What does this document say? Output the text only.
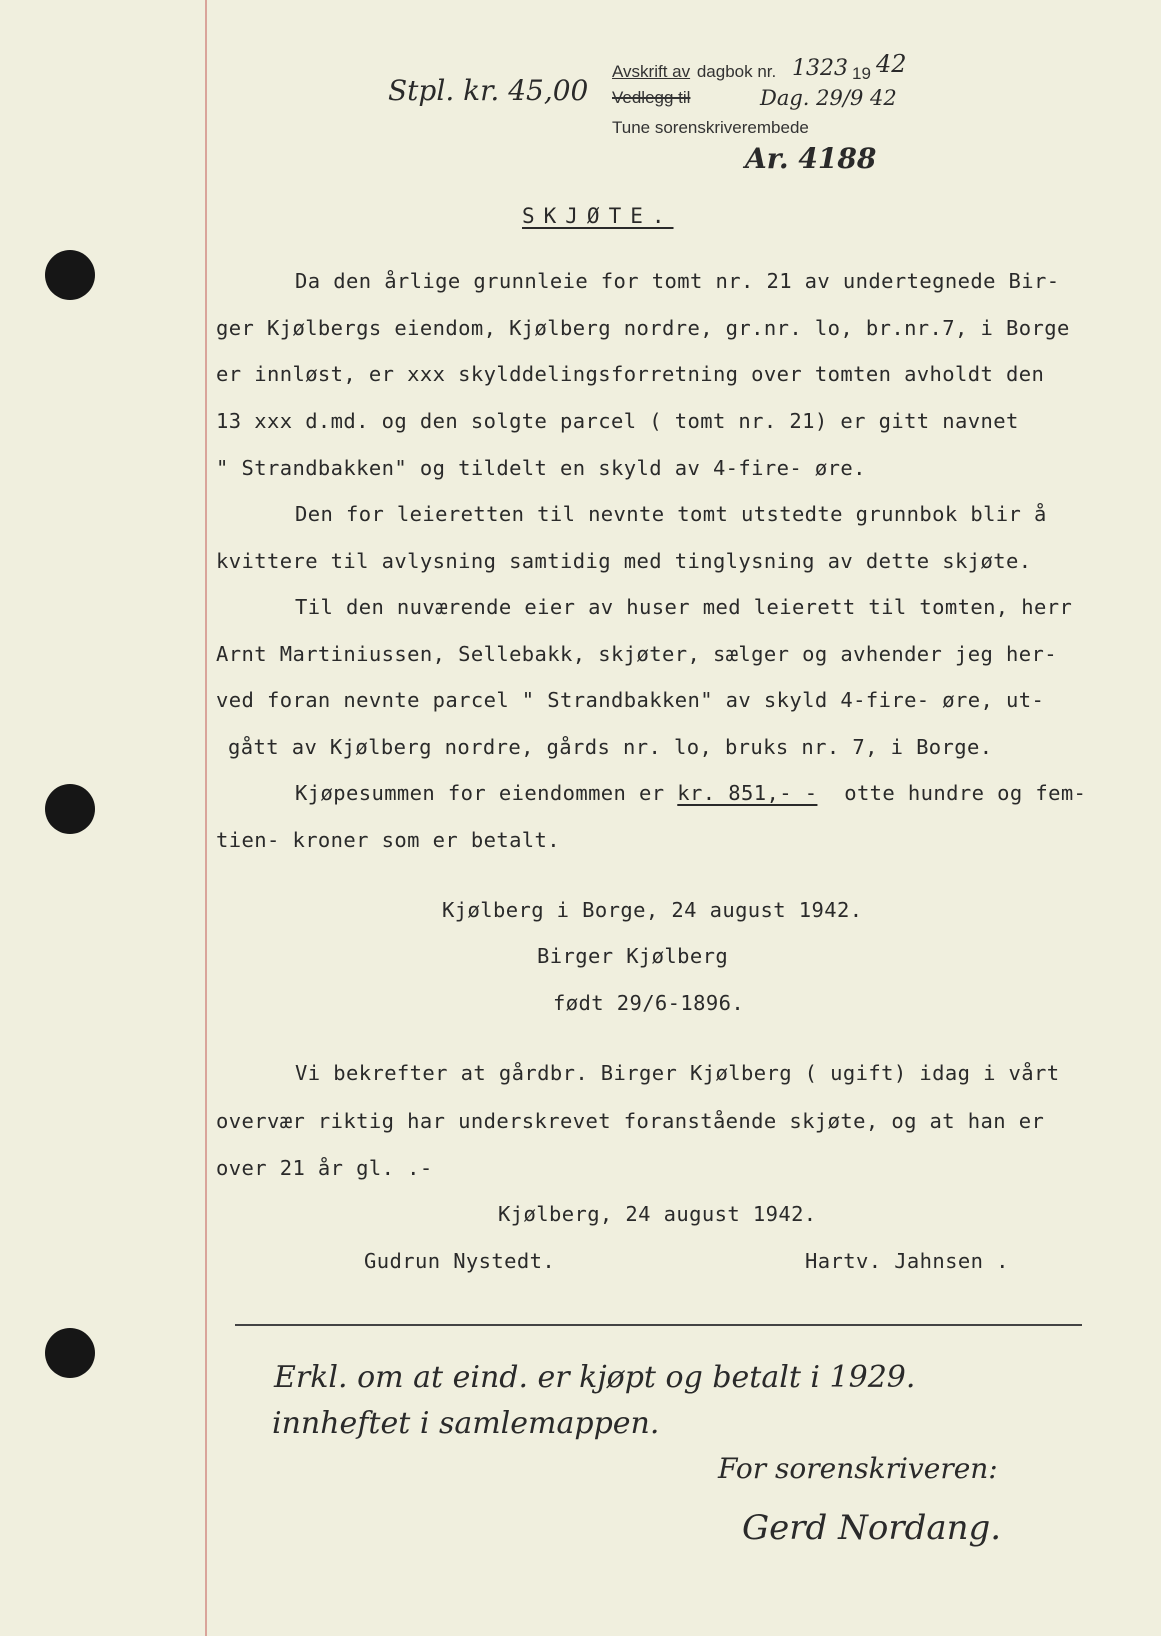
Stpl. kr. 45,00
Avskrift av dagbok nr.
Vedlegg til
1323 19 42
Dag. 29/9 42
Tune sorenskriverembede
Ar. 4188
SKJØTE.
Da den årlige grunnleie for tomt nr. 21 av undertegnede Bir-
ger Kjølbergs eiendom, Kjølberg nordre, gr.nr. lo, br.nr.7, i Borge
er innløst, er xxx skylddelingsforretning over tomten avholdt den
13 xxx d.md. og den solgte parcel ( tomt nr. 21) er gitt navnet
" Strandbakken" og tildelt en skyld av 4-fire- øre.
Den for leieretten til nevnte tomt utstedte grunnbok blir å
kvittere til avlysning samtidig med tinglysning av dette skjøte.
Til den nuværende eier av huser med leierett til tomten, herr
Arnt Martiniussen, Sellebakk, skjøter, sælger og avhender jeg her-
ved foran nevnte parcel " Strandbakken" av skyld 4-fire- øre, ut-
gått av Kjølberg nordre, gårds nr. lo, bruks nr. 7, i Borge.
Kjøpesummen for eiendommen er kr. 851,- - otte hundre og fem-
tien- kroner som er betalt.
Kjølberg i Borge, 24 august 1942.
Birger Kjølberg
født 29/6-1896.
Vi bekrefter at gårdbr. Birger Kjølberg ( ugift) idag i vårt
overvær riktig har underskrevet foranstående skjøte, og at han er
over 21 år gl. .-
Kjølberg, 24 august 1942.
Gudrun Nystedt.	Hartv. Jahnsen .
Erkl. om at eind. er kjøpt og betalt i 1929.
innheftet i samlemappen.
For sorenskriveren:
Gerd Nordang.
